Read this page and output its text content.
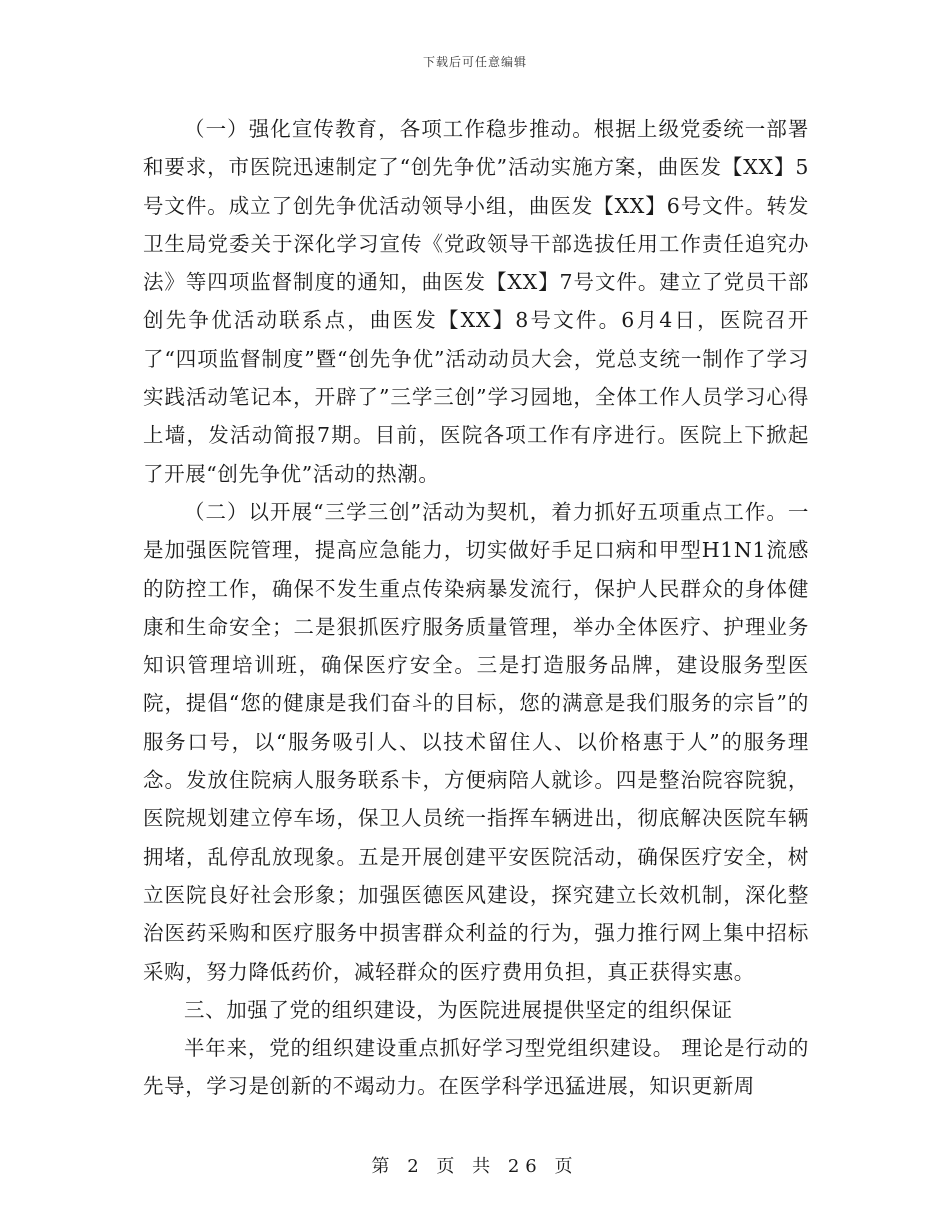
下载后可任意编辑

（一）强化宣传教育，各项工作稳步推动。根据上级党委统一部署和要求，市医院迅速制定了“创先争优”活动实施方案，曲医发【XX】5号文件。成立了创先争优活动领导小组，曲医发【XX】6号文件。转发卫生局党委关于深化学习宣传《党政领导干部选拔任用工作责任追究办法》等四项监督制度的通知，曲医发【XX】7号文件。建立了党员干部创先争优活动联系点，曲医发【XX】8号文件。6月4日，医院召开了“四项监督制度”暨“创先争优”活动动员大会，党总支统一制作了学习实践活动笔记本，开辟了”三学三创”学习园地，全体工作人员学习心得上墙，发活动简报7期。目前，医院各项工作有序进行。医院上下掀起了开展“创先争优”活动的热潮。

（二）以开展“三学三创”活动为契机，着力抓好五项重点工作。一是加强医院管理，提高应急能力，切实做好手足口病和甲型H1N1流感的防控工作，确保不发生重点传染病暴发流行，保护人民群众的身体健康和生命安全；二是狠抓医疗服务质量管理，举办全体医疗、护理业务知识管理培训班，确保医疗安全。三是打造服务品牌，建设服务型医院，提倡“您的健康是我们奋斗的目标，您的满意是我们服务的宗旨”的服务口号，以“服务吸引人、以技术留住人、以价格惠于人”的服务理念。发放住院病人服务联系卡，方便病陪人就诊。四是整治院容院貌，医院规划建立停车场，保卫人员统一指挥车辆进出，彻底解决医院车辆拥堵，乱停乱放现象。五是开展创建平安医院活动，确保医疗安全，树立医院良好社会形象；加强医德医风建设，探究建立长效机制，深化整治医药采购和医疗服务中损害群众利益的行为，强力推行网上集中招标采购，努力降低药价，减轻群众的医疗费用负担，真正获得实惠。

三、加强了党的组织建设，为医院进展提供坚定的组织保证

半年来，党的组织建设重点抓好学习型党组织建设。 理论是行动的先导，学习是创新的不竭动力。在医学科学迅猛进展，知识更新周

第 2 页 共 26 页
